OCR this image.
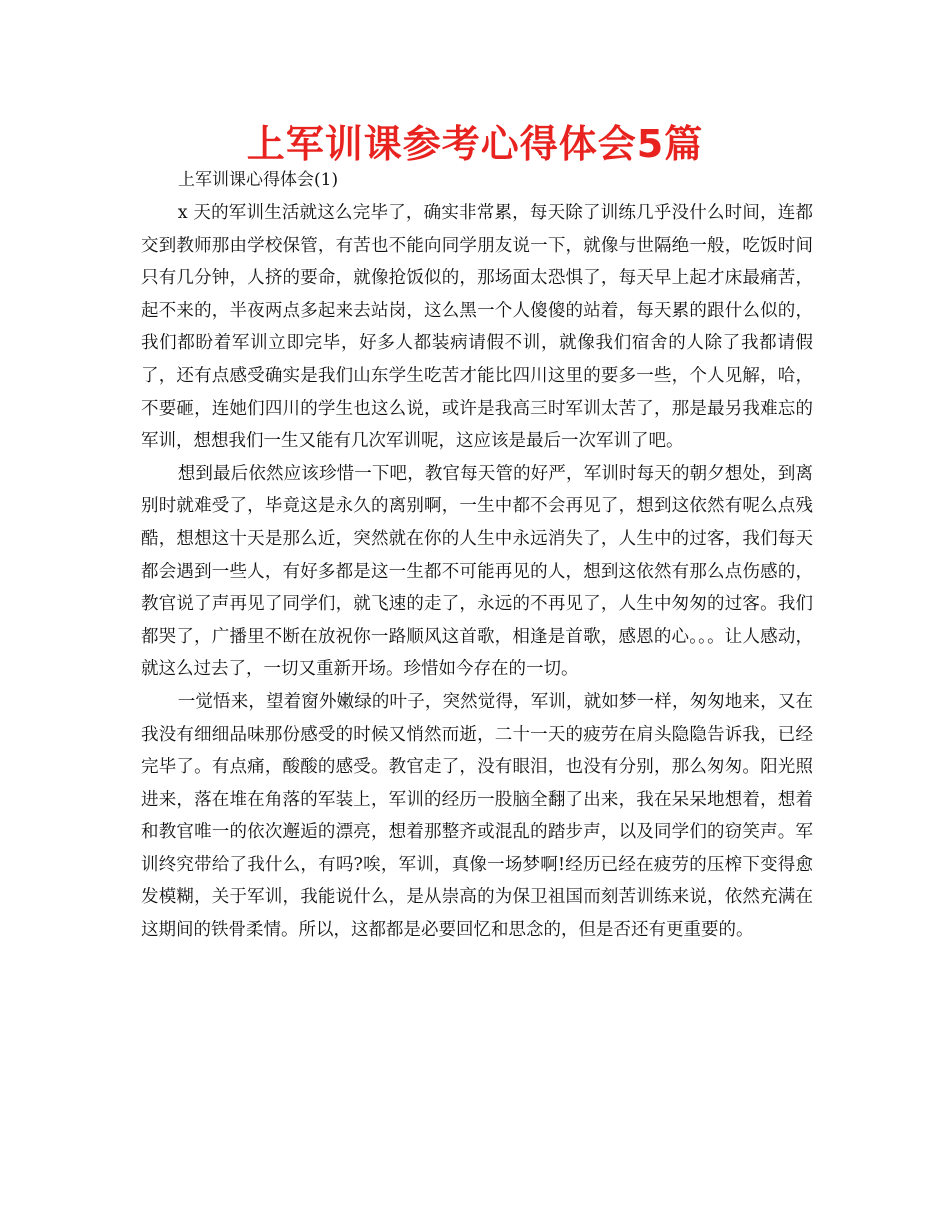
上军训课参考心得体会5篇

上军训课心得体会(1)

x 天的军训生活就这么完毕了，确实非常累，每天除了训练几乎没什么时间，连都交到教师那由学校保管，有苦也不能向同学朋友说一下，就像与世隔绝一般，吃饭时间只有几分钟，人挤的要命，就像抢饭似的，那场面太恐惧了，每天早上起才床最痛苦，起不来的，半夜两点多起来去站岗，这么黑一个人傻傻的站着，每天累的跟什么似的，我们都盼着军训立即完毕，好多人都装病请假不训，就像我们宿舍的人除了我都请假了，还有点感受确实是我们山东学生吃苦才能比四川这里的要多一些，个人见解，哈，不要砸，连她们四川的学生也这么说，或许是我高三时军训太苦了，那是最另我难忘的军训，想想我们一生又能有几次军训呢，这应该是最后一次军训了吧。

想到最后依然应该珍惜一下吧，教官每天管的好严，军训时每天的朝夕想处，到离别时就难受了，毕竟这是永久的离别啊，一生中都不会再见了，想到这依然有呢么点残酷，想想这十天是那么近，突然就在你的人生中永远消失了，人生中的过客，我们每天都会遇到一些人，有好多都是这一生都不可能再见的人，想到这依然有那么点伤感的，教官说了声再见了同学们，就飞速的走了，永远的不再见了，人生中匆匆的过客。我们都哭了，广播里不断在放祝你一路顺风这首歌，相逢是首歌，感恩的心。。。让人感动，就这么过去了，一切又重新开场。珍惜如今存在的一切。

一觉悟来，望着窗外嫩绿的叶子，突然觉得，军训，就如梦一样，匆匆地来，又在我没有细细品味那份感受的时候又悄然而逝，二十一天的疲劳在肩头隐隐告诉我，已经完毕了。有点痛，酸酸的感受。教官走了，没有眼泪，也没有分别，那么匆匆。阳光照进来，落在堆在角落的军装上，军训的经历一股脑全翻了出来，我在呆呆地想着，想着和教官唯一的依次邂逅的漂亮，想着那整齐或混乱的踏步声，以及同学们的窃笑声。军训终究带给了我什么，有吗?唉，军训，真像一场梦啊!经历已经在疲劳的压榨下变得愈发模糊，关于军训，我能说什么，是从崇高的为保卫祖国而刻苦训练来说，依然充满在这期间的铁骨柔情。所以，这都都是必要回忆和思念的，但是否还有更重要的。
